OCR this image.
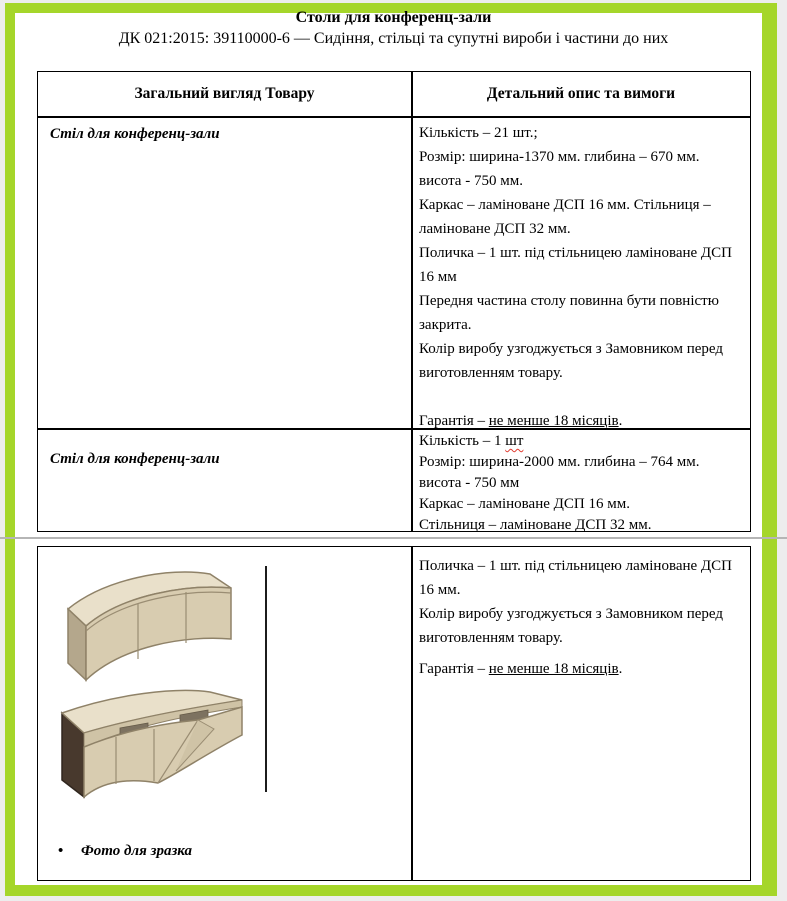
Столи для конференц-зали
ДК 021:2015: 39110000-6 — Сидіння, стільці та супутні вироби і частини до них
Загальний вигляд Товару	Детальний опис та вимоги
Стіл для конференц-зали	Кількість – 21 шт.;
Розмір: ширина-1370 мм. глибина – 670 мм.
висота - 750 мм.
Каркас – ламіноване ДСП 16 мм. Стільниця –
ламіноване ДСП 32 мм.
Поличка – 1 шт. під стільницею ламіноване ДСП
16 мм
Передня частина столу повинна бути повністю
закрита.
Колір виробу узгоджується з Замовником перед
виготовленням товару.
Гарантія – не менше 18 місяців.
Стіл для конференц-зали
Кількість – 1 шт
Розмір: ширина-2000 мм. глибина – 764 мм.
висота - 750 мм
Каркас – ламіноване ДСП 16 мм.
Стільниця – ламіноване ДСП 32 мм.
• Фото для зразка
Поличка – 1 шт. під стільницею ламіноване ДСП
16 мм.
Колір виробу узгоджується з Замовником перед
виготовленням товару.
Гарантія – не менше 18 місяців.
